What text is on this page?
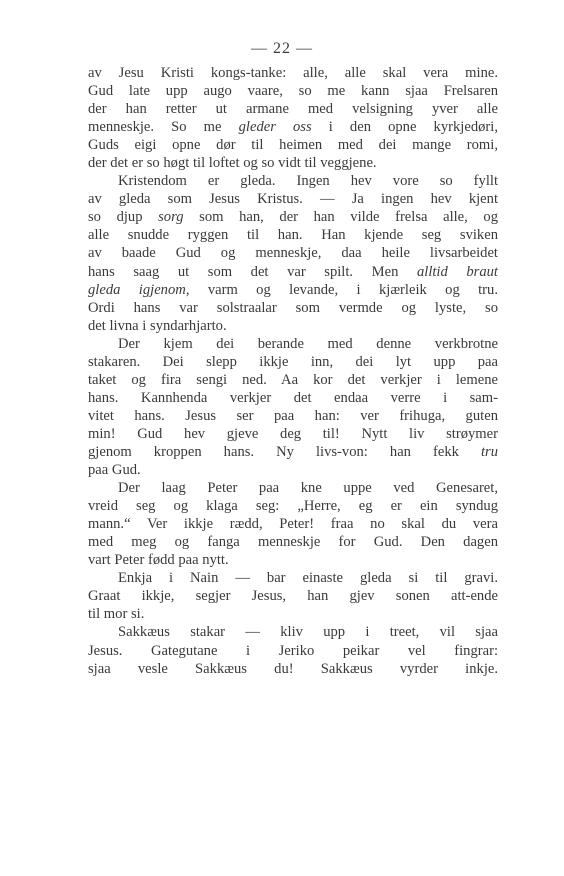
— 22 —
av Jesu Kristi kongs-tanke: alle, alle skal vera mine.
Gud late upp augo vaare, so me kann sjaa Frelsaren
der han retter ut armane med velsigning yver alle
menneskje. So me gleder oss i den opne kyrkjedøri,
Guds eigi opne dør til heimen med dei mange romi,
der det er so høgt til loftet og so vidt til veggjene.
Kristendom er gleda. Ingen hev vore so fyllt
av gleda som Jesus Kristus. — Ja ingen hev kjent
so djup sorg som han, der han vilde frelsa alle, og
alle snudde ryggen til han. Han kjende seg sviken
av baade Gud og menneskje, daa heile livsarbeidet
hans saag ut som det var spilt. Men alltid braut
gleda igjenom, varm og levande, i kjærleik og tru.
Ordi hans var solstraalar som vermde og lyste, so
det livna i syndarhjarto.
Der kjem dei berande med denne verkbrotne
stakaren. Dei slepp ikkje inn, dei lyt upp paa
taket og fira sengi ned. Aa kor det verkjer i lemene
hans. Kannhenda verkjer det endaa verre i sam-
vitet hans. Jesus ser paa han: ver frihuga, guten
min! Gud hev gjeve deg til! Nytt liv strøymer
gjenom kroppen hans. Ny livs-von: han fekk tru
paa Gud.
Der laag Peter paa kne uppe ved Genesaret,
vreid seg og klaga seg: „Herre, eg er ein syndug
mann.“ Ver ikkje rædd, Peter! fraa no skal du vera
med meg og fanga menneskje for Gud. Den dagen
vart Peter fødd paa nytt.
Enkja i Nain — bar einaste gleda si til gravi.
Graat ikkje, segjer Jesus, han gjev sonen att-ende
til mor si.
Sakkæus stakar — kliv upp i treet, vil sjaa
Jesus. Gategutane i Jeriko peikar vel fingrar:
sjaa vesle Sakkæus du! Sakkæus vyrder inkje.
